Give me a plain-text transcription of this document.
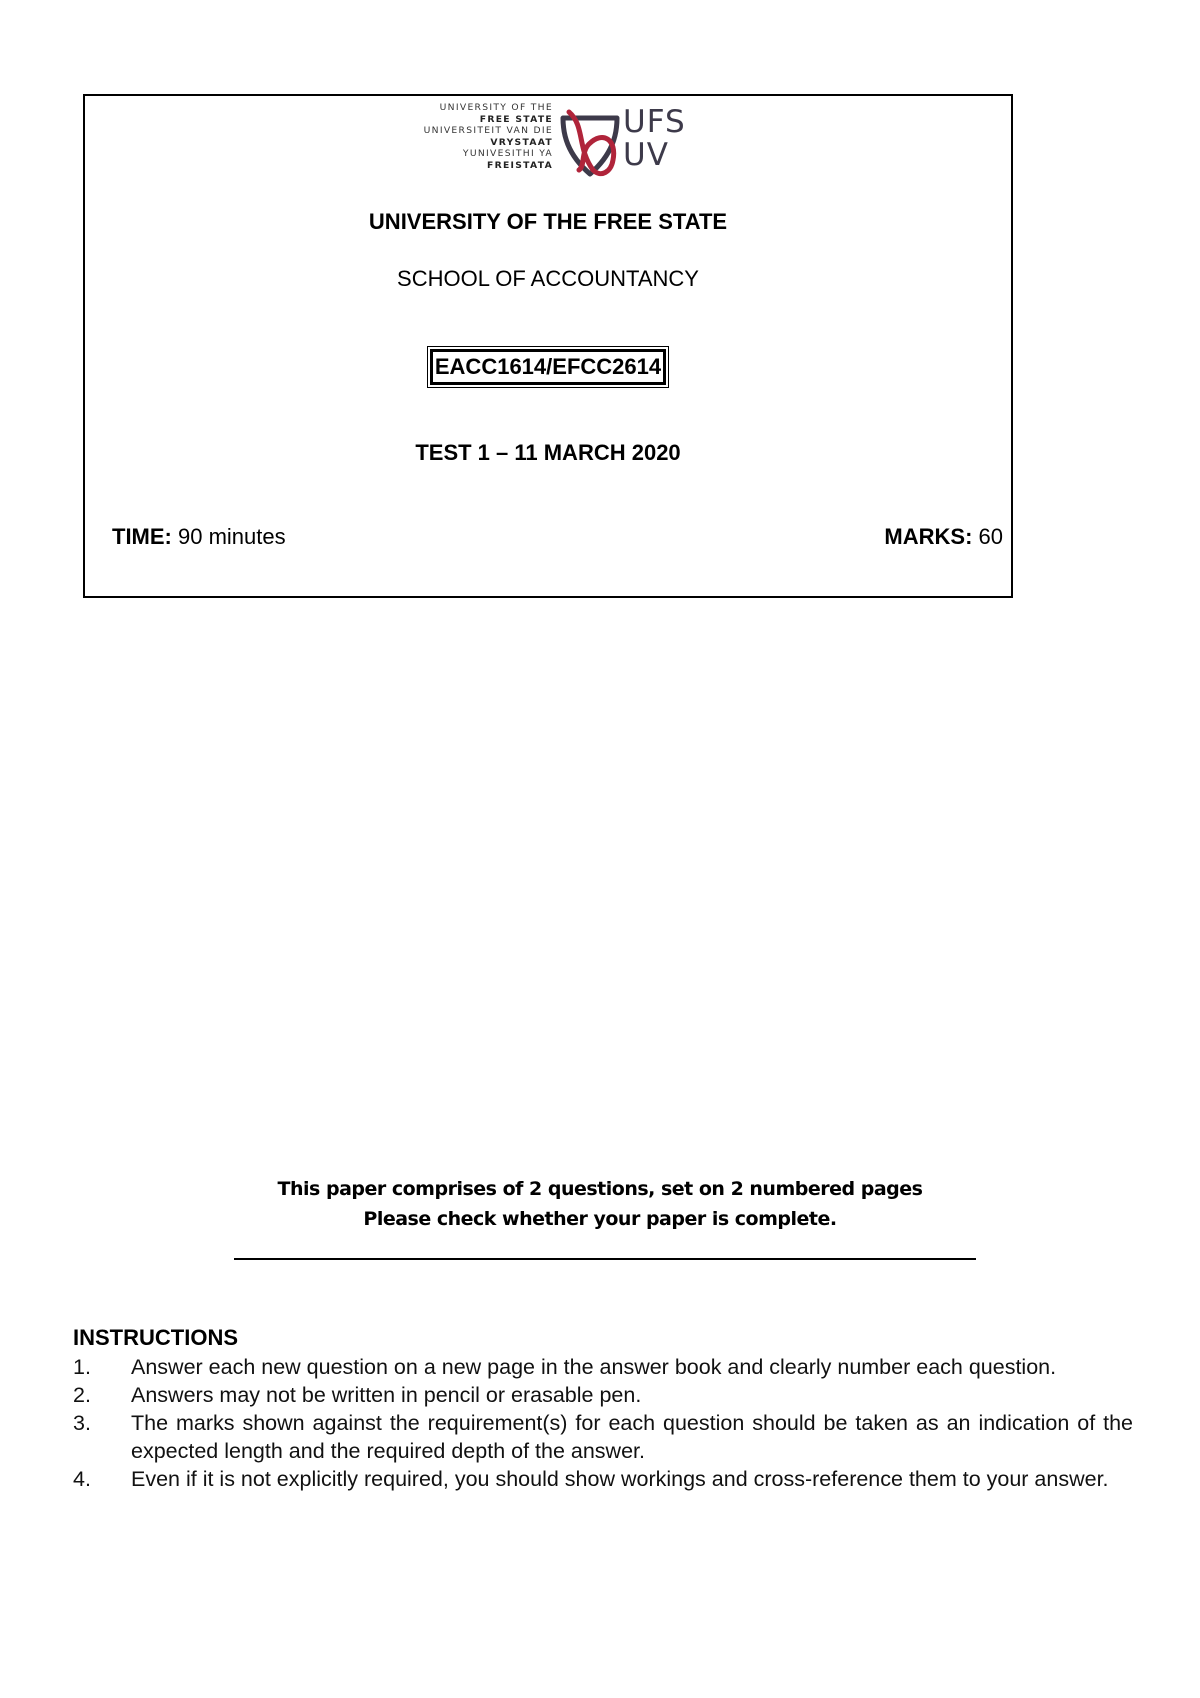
UNIVERSITY OF THE
FREE STATE
UNIVERSITEIT VAN DIE
VRYSTAAT
YUNIVESITHI YA
FREISTATA
UFS
UV
UNIVERSITY OF THE FREE STATE
SCHOOL OF ACCOUNTANCY
EACC1614/EFCC2614
TEST 1 – 11 MARCH 2020
TIME: 90 minutes	MARKS: 60
This paper comprises of 2 questions, set on 2 numbered pages
Please check whether your paper is complete.
INSTRUCTIONS
1. Answer each new question on a new page in the answer book and clearly number each question.
2. Answers may not be written in pencil or erasable pen.
3. The marks shown against the requirement(s) for each question should be taken as an indication of the expected length and the required depth of the answer.
4. Even if it is not explicitly required, you should show workings and cross-reference them to your answer.
